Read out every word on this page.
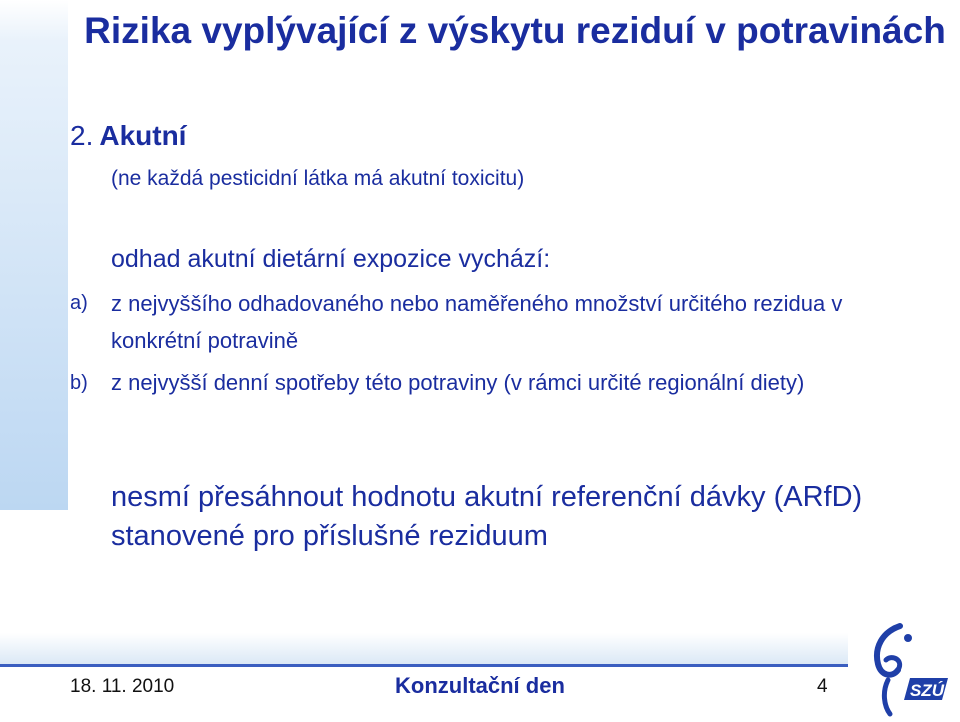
Rizika vyplývající z výskytu reziduí v potravinách
2. Akutní
(ne každá pesticidní látka má akutní toxicitu)
odhad akutní dietární expozice vychází:
a) z nejvyššího odhadovaného nebo naměřeného množství určitého rezidua v konkrétní potravině
b) z nejvyšší denní spotřeby této potraviny (v rámci určité regionální diety)
nesmí přesáhnout hodnotu akutní referenční dávky (ARfD) stanovené pro příslušné reziduum
18. 11. 2010	Konzultační den	4	SZÚ
